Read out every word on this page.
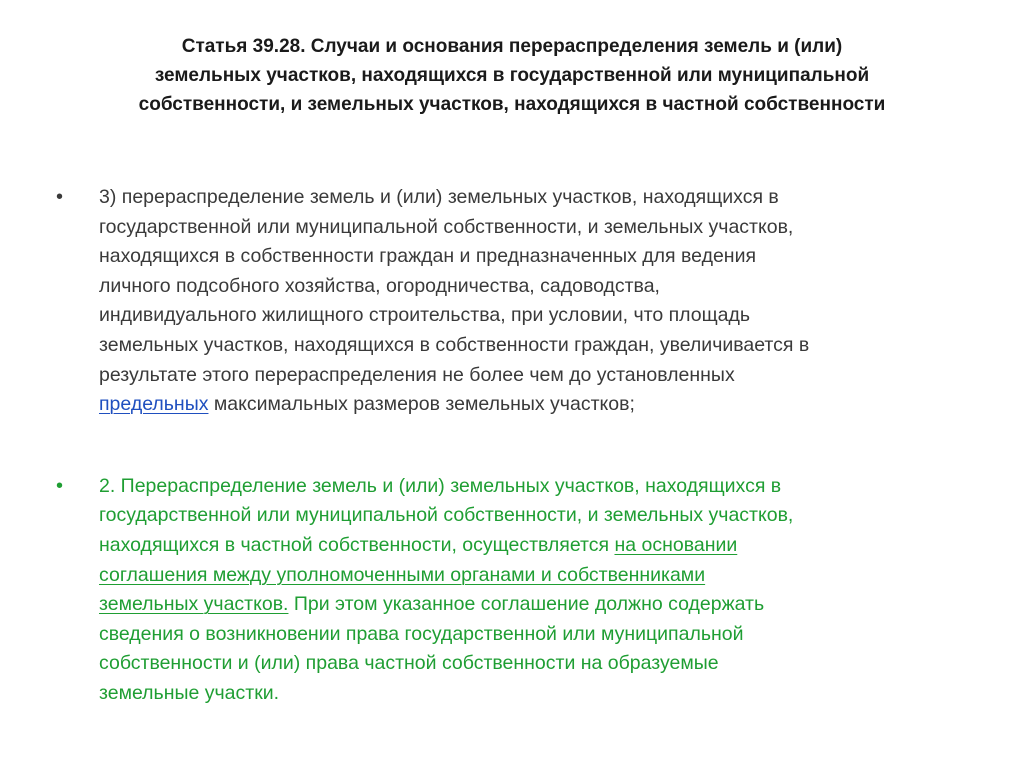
Статья 39.28. Случаи и основания перераспределения земель и (или)
земельных участков, находящихся в государственной или муниципальной
собственности, и земельных участков, находящихся в частной собственности
•	3) перераспределение земель и (или) земельных участков, находящихся в
государственной или муниципальной собственности, и земельных участков,
находящихся в собственности граждан и предназначенных для ведения
личного подсобного хозяйства, огородничества, садоводства,
индивидуального жилищного строительства, при условии, что площадь
земельных участков, находящихся в собственности граждан, увеличивается в
результате этого перераспределения не более чем до установленных
предельных максимальных размеров земельных участков;
•	2. Перераспределение земель и (или) земельных участков, находящихся в
государственной или муниципальной собственности, и земельных участков,
находящихся в частной собственности, осуществляется на основании
соглашения между уполномоченными органами и собственниками
земельных участков. При этом указанное соглашение должно содержать
сведения о возникновении права государственной или муниципальной
собственности и (или) права частной собственности на образуемые
земельные участки.
